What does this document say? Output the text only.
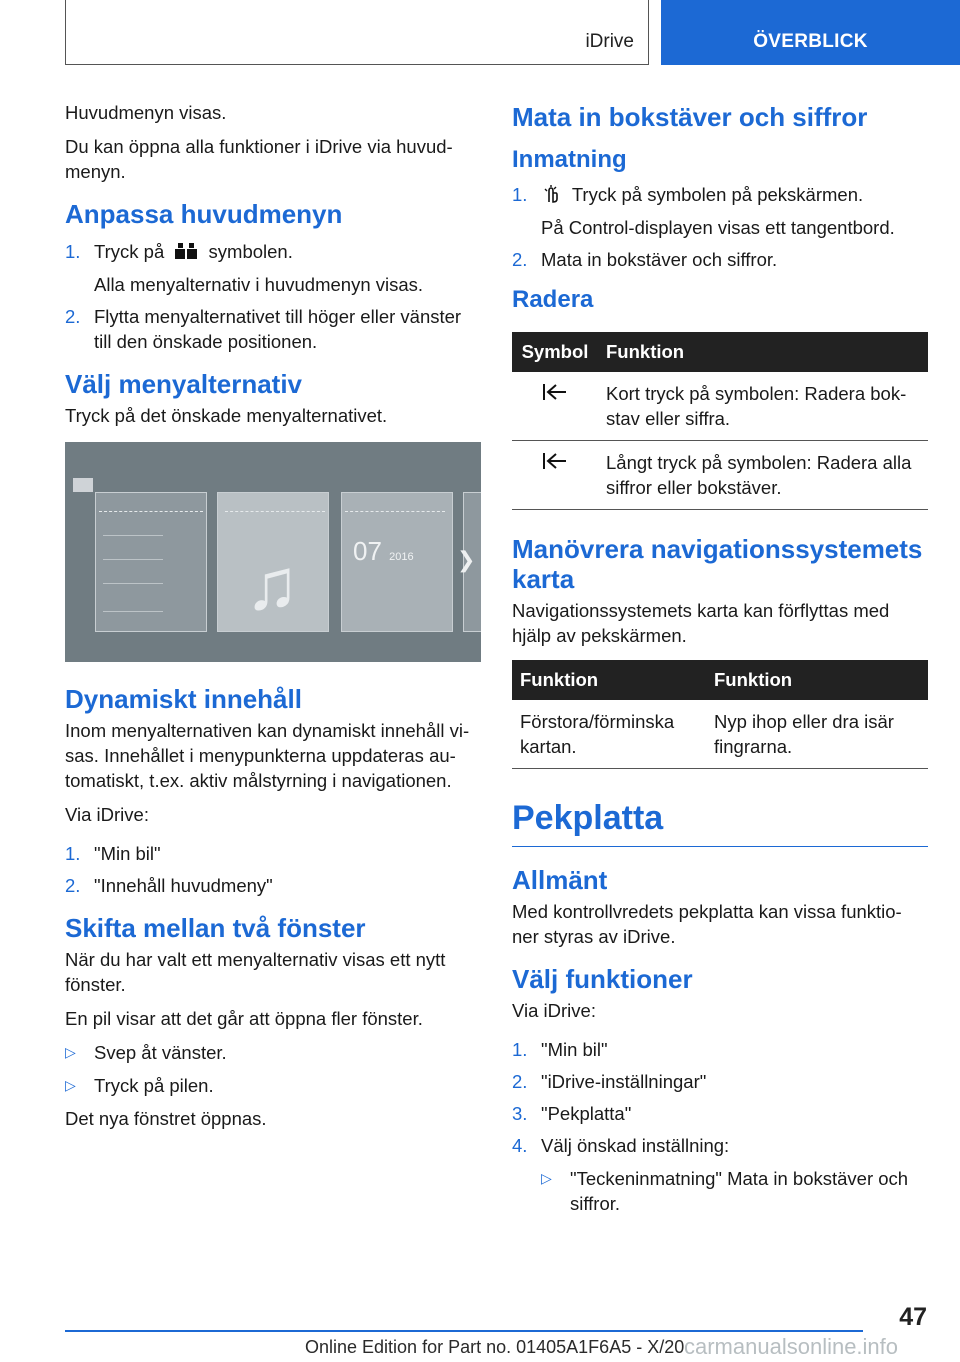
iDrive	ÖVERBLICK

Huvudmenyn visas.

Du kan öppna alla funktioner i iDrive via huvud-menyn.

Anpassa huvudmenyn
1. Tryck på symbolen.
Alla menyalternativ i huvudmenyn visas.
2. Flytta menyalternativet till höger eller vänster till den önskade positionen.
Välj menyalternativ

Tryck på det önskade menyalternativet.

♫ 07 2016 ❯
Dynamiskt innehåll

Inom menyalternativen kan dynamiskt innehåll vi-sas. Innehållet i menypunkterna uppdateras au-tomatiskt, t.ex. aktiv målstyrning i navigationen.

Via iDrive:

1. "Min bil"
2. "Innehåll huvudmeny"
Skifta mellan två fönster

När du har valt ett menyalternativ visas ett nytt fönster.

En pil visar att det går att öppna fler fönster.

▷ Svep åt vänster.
▷ Tryck på pilen.

Det nya fönstret öppnas.

Mata in bokstäver och siffror
Inmatning
1. Tryck på symbolen på pekskärmen.
På Control-displayen visas ett tangentbord.
2. Mata in bokstäver och siffror.
Radera
Symbol	Funktion
	Kort tryck på symbolen: Radera bok-stav eller siffra.
	Långt tryck på symbolen: Radera alla siffror eller bokstäver.
Manövrera navigationssystemets karta

Navigationssystemets karta kan förflyttas med hjälp av pekskärmen.

Funktion	Funktion
Förstora/förminska kartan.	Nyp ihop eller dra isär fingrarna.
Pekplatta
Allmänt

Med kontrollvredets pekplatta kan vissa funktio-ner styras av iDrive.

Välj funktioner

Via iDrive:

1. "Min bil"
2. "iDrive-inställningar"
3. "Pekplatta"
4. Välj önskad inställning:
▷ "Teckeninmatning" Mata in bokstäver och siffror.
47
Online Edition for Part no. 01405A1F6A5 - X/20 carmanualsonline.info
